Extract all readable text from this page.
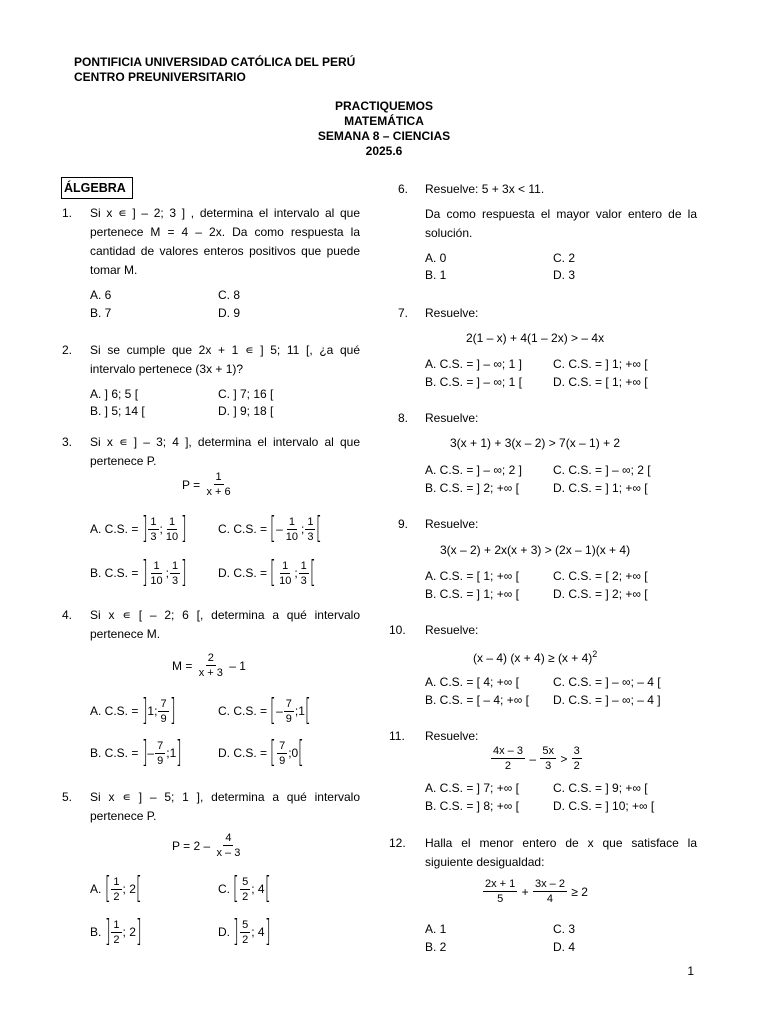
PONTIFICIA UNIVERSIDAD CATÓLICA DEL PERÚ
CENTRO PREUNIVERSITARIO
PRACTIQUEMOS
MATEMÁTICA
SEMANA 8 – CIENCIAS
2025.6
ÁLGEBRA
1.	Si x ∊ ] – 2; 3 ] , determina el intervalo al que pertenece M = 4 – 2x. Da como respuesta la cantidad de valores enteros positivos que puede tomar M.
A. 6
B. 7
C. 8
D. 9
2.	Si se cumple que 2x + 1 ∊ ] 5; 11 [, ¿a qué intervalo pertenece (3x + 1)?
A. ] 6; 5 [
B. ] 5; 14 [
C. ] 7; 16 [
D. ] 9; 18 [
3.	Si x ∊ ] – 3; 4 ], determina el intervalo al que pertenece P.
P =
$\frac{1}{x + 6}$
A. C.S. =
] $\frac{1}{3}$ ; $\frac{1}{10}$ ]	C. C.S. =
[ – $\frac{1}{10}$ ; $\frac{1}{3}$ [
B. C.S. =
] $\frac{1}{10}$ ; $\frac{1}{3}$ ]	D. C.S. =
[ $\frac{1}{10}$ ; $\frac{1}{3}$ [
4.	Si x ∊ [ – 2; 6 [, determina a qué intervalo pertenece M.
M =
$\frac{2}{x + 3}$
– 1
A. C.S. =
] 1; $\frac{7}{9}$ ]	C. C.S. =
[ – $\frac{7}{9}$ ;1 [
B. C.S. =
] – $\frac{7}{9}$ ;1 ]	D. C.S. =
[ $\frac{7}{9}$ ;0 [
5.	Si x ∊ ] – 5; 1 ], determina a qué intervalo pertenece P.
P = 2 –
$\frac{4}{x - 3}$
A.
[ $\frac{1}{2}$ ; 2 [	C.
[ $\frac{5}{2}$ ; 4 [
B.
] $\frac{1}{2}$ ; 2 ]	D.
] $\frac{5}{2}$ ; 4 ]
6.	Resuelve: 5 + 3x < 11.
Da como respuesta el mayor valor entero de la solución.
A. 0
B. 1
C. 2
D. 3
7.	Resuelve:
2(1 – x) + 4(1 – 2x) > – 4x
A. C.S. = ] – ∞; 1 ]
B. C.S. = ] – ∞; 1 [
C. C.S. = ] 1; +∞ [
D. C.S. = [ 1; +∞ [
8.	Resuelve:
3(x + 1) + 3(x – 2) > 7(x – 1) + 2
A. C.S. = ] – ∞; 2 ]
B. C.S. = ] 2; +∞ [
C. C.S. = ] – ∞; 2 [
D. C.S. = ] 1; +∞ [
9.	Resuelve:
3(x – 2) + 2x(x + 3) > (2x – 1)(x + 4)
A. C.S. = [ 1; +∞ [
B. C.S. = ] 1; +∞ [
C. C.S. = [ 2; +∞ [
D. C.S. = ] 2; +∞ [
10.	Resuelve:
(x – 4) $(x + 4) \ge (x + 4)^2$
A. C.S. = [ 4; +∞ [
B. C.S. = [ – 4; +∞ [
C. C.S. = ] – ∞; – 4 [
D. C.S. = ] – ∞; – 4 ]
11.	Resuelve:
$\frac{4x - 3}{2}$
–
$\frac{5x}{3}$
>
$\frac{3}{2}$
A. C.S. = ] 7; +∞ [
B. C.S. = ] 8; +∞ [
C. C.S. = ] 9; +∞ [
D. C.S. = ] 10; +∞ [
12.	Halla el menor entero de x que satisface la siguiente desigualdad:
$\frac{2x + 1}{5}$
+
$\frac{3x - 2}{4}$
≥ 2
A. 1
B. 2
C. 3
D. 4
1
